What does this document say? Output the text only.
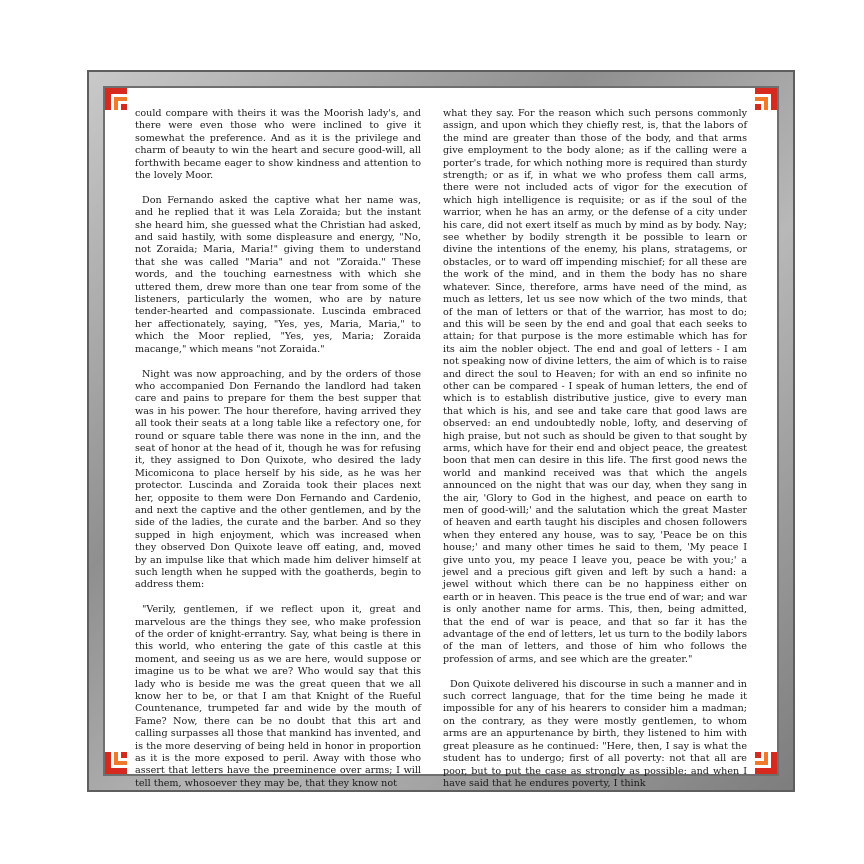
could compare with theirs it was the Moorish lady's, and there were even those who were inclined to give it somewhat the preference. And as it is the privilege and charm of beauty to win the heart and secure good-will, all forthwith became eager to show kindness and attention to the lovely Moor.

Don Fernando asked the captive what her name was, and he replied that it was Lela Zoraida; but the instant she heard him, she guessed what the Christian had asked, and said hastily, with some displeasure and energy, "No, not Zoraida; Maria, Maria!" giving them to understand that she was called "Maria" and not "Zoraida." These words, and the touching earnestness with which she uttered them, drew more than one tear from some of the listeners, particularly the women, who are by nature tender-hearted and compassionate. Luscinda embraced her affectionately, saying, "Yes, yes, Maria, Maria," to which the Moor replied, "Yes, yes, Maria; Zoraida macange," which means "not Zoraida."

Night was now approaching, and by the orders of those who accompanied Don Fernando the landlord had taken care and pains to prepare for them the best supper that was in his power. The hour therefore, having arrived they all took their seats at a long table like a refectory one, for round or square table there was none in the inn, and the seat of honor at the head of it, though he was for refusing it, they assigned to Don Quixote, who desired the lady Micomicona to place herself by his side, as he was her protector. Luscinda and Zoraida took their places next her, opposite to them were Don Fernando and Cardenio, and next the captive and the other gentlemen, and by the side of the ladies, the curate and the barber. And so they supped in high enjoyment, which was increased when they observed Don Quixote leave off eating, and, moved by an impulse like that which made him deliver himself at such length when he supped with the goatherds, begin to address them:

"Verily, gentlemen, if we reflect upon it, great and marvelous are the things they see, who make profession of the order of knight-errantry. Say, what being is there in this world, who entering the gate of this castle at this moment, and seeing us as we are here, would suppose or imagine us to be what we are? Who would say that this lady who is beside me was the great queen that we all know her to be, or that I am that Knight of the Rueful Countenance, trumpeted far and wide by the mouth of Fame? Now, there can be no doubt that this art and calling surpasses all those that mankind has invented, and is the more deserving of being held in honor in proportion as it is the more exposed to peril. Away with those who assert that letters have the preeminence over arms; I will tell them, whosoever they may be, that they know not

what they say. For the reason which such persons commonly assign, and upon which they chiefly rest, is, that the labors of the mind are greater than those of the body, and that arms give employment to the body alone; as if the calling were a porter's trade, for which nothing more is required than sturdy strength; or as if, in what we who profess them call arms, there were not included acts of vigor for the execution of which high intelligence is requisite; or as if the soul of the warrior, when he has an army, or the defense of a city under his care, did not exert itself as much by mind as by body. Nay; see whether by bodily strength it be possible to learn or divine the intentions of the enemy, his plans, stratagems, or obstacles, or to ward off impending mischief; for all these are the work of the mind, and in them the body has no share whatever. Since, therefore, arms have need of the mind, as much as letters, let us see now which of the two minds, that of the man of letters or that of the warrior, has most to do; and this will be seen by the end and goal that each seeks to attain; for that purpose is the more estimable which has for its aim the nobler object. The end and goal of letters - I am not speaking now of divine letters, the aim of which is to raise and direct the soul to Heaven; for with an end so infinite no other can be compared - I speak of human letters, the end of which is to establish distributive justice, give to every man that which is his, and see and take care that good laws are observed: an end undoubtedly noble, lofty, and deserving of high praise, but not such as should be given to that sought by arms, which have for their end and object peace, the greatest boon that men can desire in this life. The first good news the world and mankind received was that which the angels announced on the night that was our day, when they sang in the air, 'Glory to God in the highest, and peace on earth to men of good-will;' and the salutation which the great Master of heaven and earth taught his disciples and chosen followers when they entered any house, was to say, 'Peace be on this house;' and many other times he said to them, 'My peace I give unto you, my peace I leave you, peace be with you;' a jewel and a precious gift given and left by such a hand: a jewel without which there can be no happiness either on earth or in heaven. This peace is the true end of war; and war is only another name for arms. This, then, being admitted, that the end of war is peace, and that so far it has the advantage of the end of letters, let us turn to the bodily labors of the man of letters, and those of him who follows the profession of arms, and see which are the greater."

Don Quixote delivered his discourse in such a manner and in such correct language, that for the time being he made it impossible for any of his hearers to consider him a madman; on the contrary, as they were mostly gentlemen, to whom arms are an appurtenance by birth, they listened to him with great pleasure as he continued: "Here, then, I say is what the student has to undergo; first of all poverty: not that all are poor, but to put the case as strongly as possible: and when I have said that he endures poverty, I think
